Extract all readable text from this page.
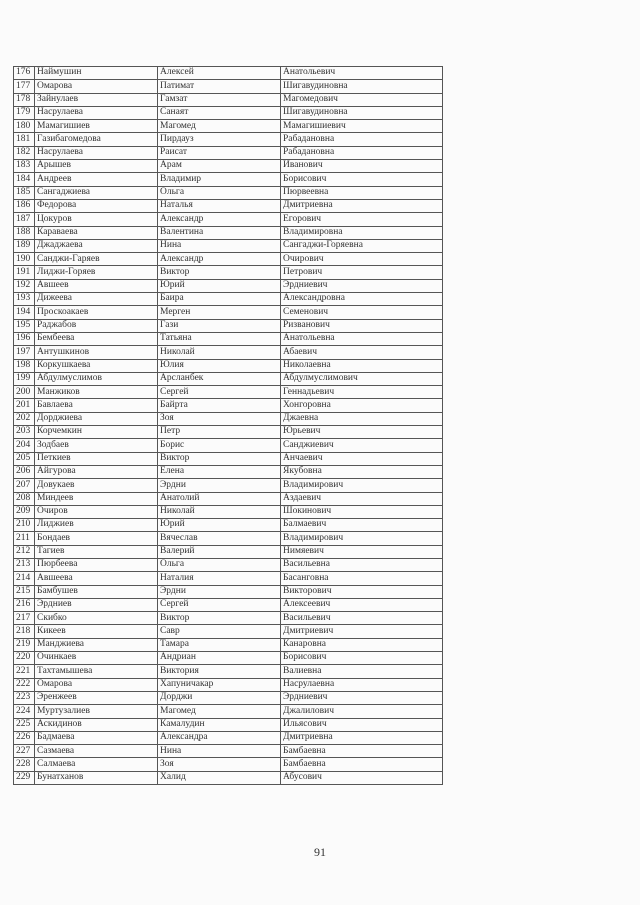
176	Наймушин	Алексей	Анатольевич
177	Омарова	Патимат	Шигавудиновна
178	Зайнулаев	Гамзат	Магомедович
179	Насрулаева	Санаят	Шигавудиновна
180	Мамагишиев	Магомед	Мамагишиевич
181	Газибагомедова	Пирдауз	Рабадановна
182	Насрулаева	Раисат	Рабадановна
183	Арышев	Арам	Иванович
184	Андреев	Владимир	Борисович
185	Сангаджиева	Ольга	Пюрвеевна
186	Федорова	Наталья	Дмитриевна
187	Цокуров	Александр	Егорович
188	Караваева	Валентина	Владимировна
189	Джаджаева	Нина	Сангаджи-Горяевна
190	Санджи-Гаряев	Александр	Очирович
191	Лиджи-Горяев	Виктор	Петрович
192	Авшеев	Юрий	Эрдниевич
193	Дижеева	Баира	Александровна
194	Проскоакаев	Мерген	Семенович
195	Раджабов	Гази	Ризванович
196	Бембеева	Татьяна	Анатольевна
197	Антушкинов	Николай	Абаевич
198	Коркушкаева	Юлия	Николаевна
199	Абдулмуслимов	Арсланбек	Абдулмуслимович
200	Манжиков	Сергей	Геннадьевич
201	Бавлаева	Байрта	Хонгоровна
202	Дорджиева	Зоя	Джаевна
203	Корчемкин	Петр	Юрьевич
204	Зодбаев	Борис	Санджиевич
205	Петкиев	Виктор	Анчаевич
206	Айгурова	Елена	Якубовна
207	Довукаев	Эрдни	Владимирович
208	Миндеев	Анатолий	Аздаевич
209	Очиров	Николай	Шокинович
210	Лиджиев	Юрий	Балмаевич
211	Бондаев	Вячеслав	Владимирович
212	Тагиев	Валерий	Нимяевич
213	Пюрбеева	Ольга	Васильевна
214	Авшеева	Наталия	Басанговна
215	Бамбушев	Эрдни	Викторович
216	Эрдниев	Сергей	Алексеевич
217	Скибко	Виктор	Васильевич
218	Кикеев	Савр	Дмитриевич
219	Манджиева	Тамара	Канаровна
220	Очинкаев	Андриан	Борисович
221	Тахтамышева	Виктория	Валиевна
222	Омарова	Хапуничакар	Насрулаевна
223	Эренжеев	Дорджи	Эрдниевич
224	Муртузалиев	Магомед	Джалилович
225	Аскидинов	Камалудин	Ильясович
226	Бадмаева	Александра	Дмитриевна
227	Сазмаева	Нина	Бамбаевна
228	Салмаева	Зоя	Бамбаевна
229	Бунатханов	Халид	Абусович
91
